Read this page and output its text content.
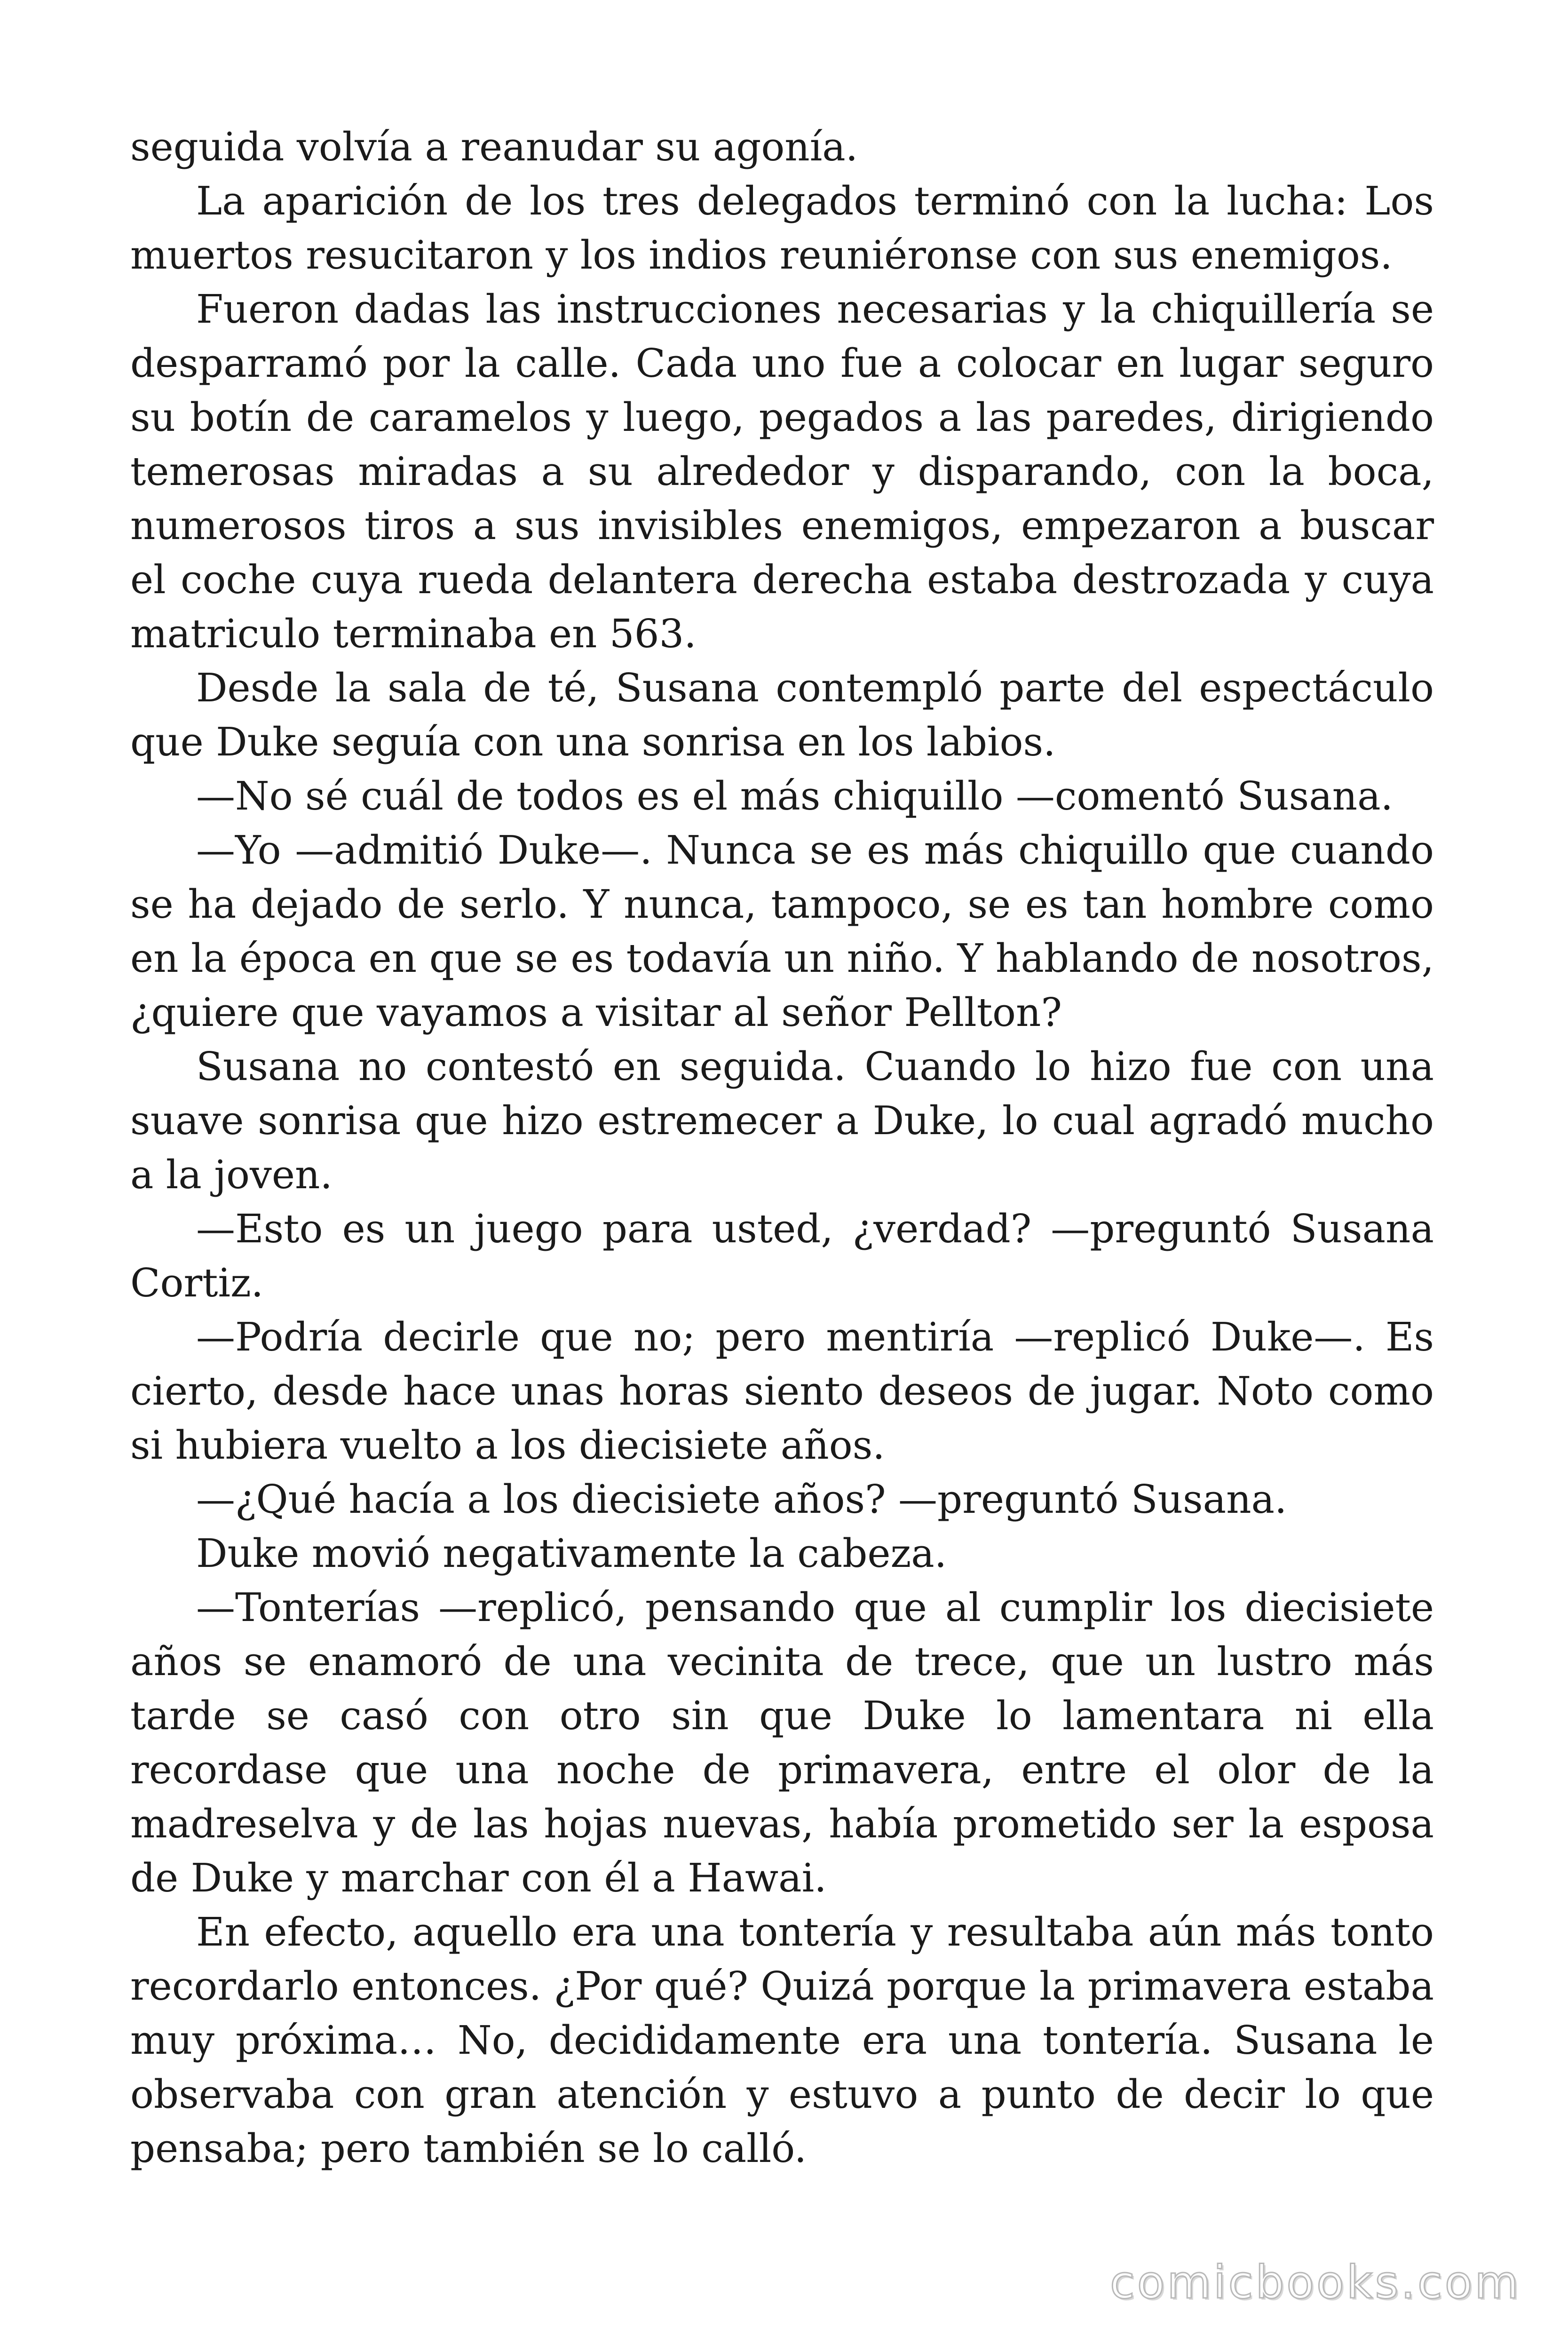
seguida volvía a reanudar su agonía.

La aparición de los tres delegados terminó con la lucha: Los muertos resucitaron y los indios reuniéronse con sus enemigos.

Fueron dadas las instrucciones necesarias y la chiquillería se desparramó por la calle. Cada uno fue a colocar en lugar seguro su botín de caramelos y luego, pegados a las paredes, dirigiendo temerosas miradas a su alrededor y disparando, con la boca, numerosos tiros a sus invisibles enemigos, empezaron a buscar el coche cuya rueda delantera derecha estaba destrozada y cuya matriculo terminaba en 563.

Desde la sala de té, Susana contempló parte del espectáculo que Duke seguía con una sonrisa en los labios.

—No sé cuál de todos es el más chiquillo —comentó Susana.

—Yo —admitió Duke—. Nunca se es más chiquillo que cuando se ha dejado de serlo. Y nunca, tampoco, se es tan hombre como en la época en que se es todavía un niño. Y hablando de nosotros, ¿quiere que vayamos a visitar al señor Pellton?

Susana no contestó en seguida. Cuando lo hizo fue con una suave sonrisa que hizo estremecer a Duke, lo cual agradó mucho a la joven.

—Esto es un juego para usted, ¿verdad? —preguntó Susana Cortiz.

—Podría decirle que no; pero mentiría —replicó Duke—. Es cierto, desde hace unas horas siento deseos de jugar. Noto como si hubiera vuelto a los diecisiete años.

—¿Qué hacía a los diecisiete años? —preguntó Susana.

Duke movió negativamente la cabeza.

—Tonterías —replicó, pensando que al cumplir los diecisiete años se enamoró de una vecinita de trece, que un lustro más tarde se casó con otro sin que Duke lo lamentara ni ella recordase que una noche de primavera, entre el olor de la madreselva y de las hojas nuevas, había prometido ser la esposa de Duke y marchar con él a Hawai.

En efecto, aquello era una tontería y resultaba aún más tonto recordarlo entonces. ¿Por qué? Quizá porque la primavera estaba muy próxima… No, decididamente era una tontería. Susana le observaba con gran atención y estuvo a punto de decir lo que pensaba; pero también se lo calló.

comicbooks.com
